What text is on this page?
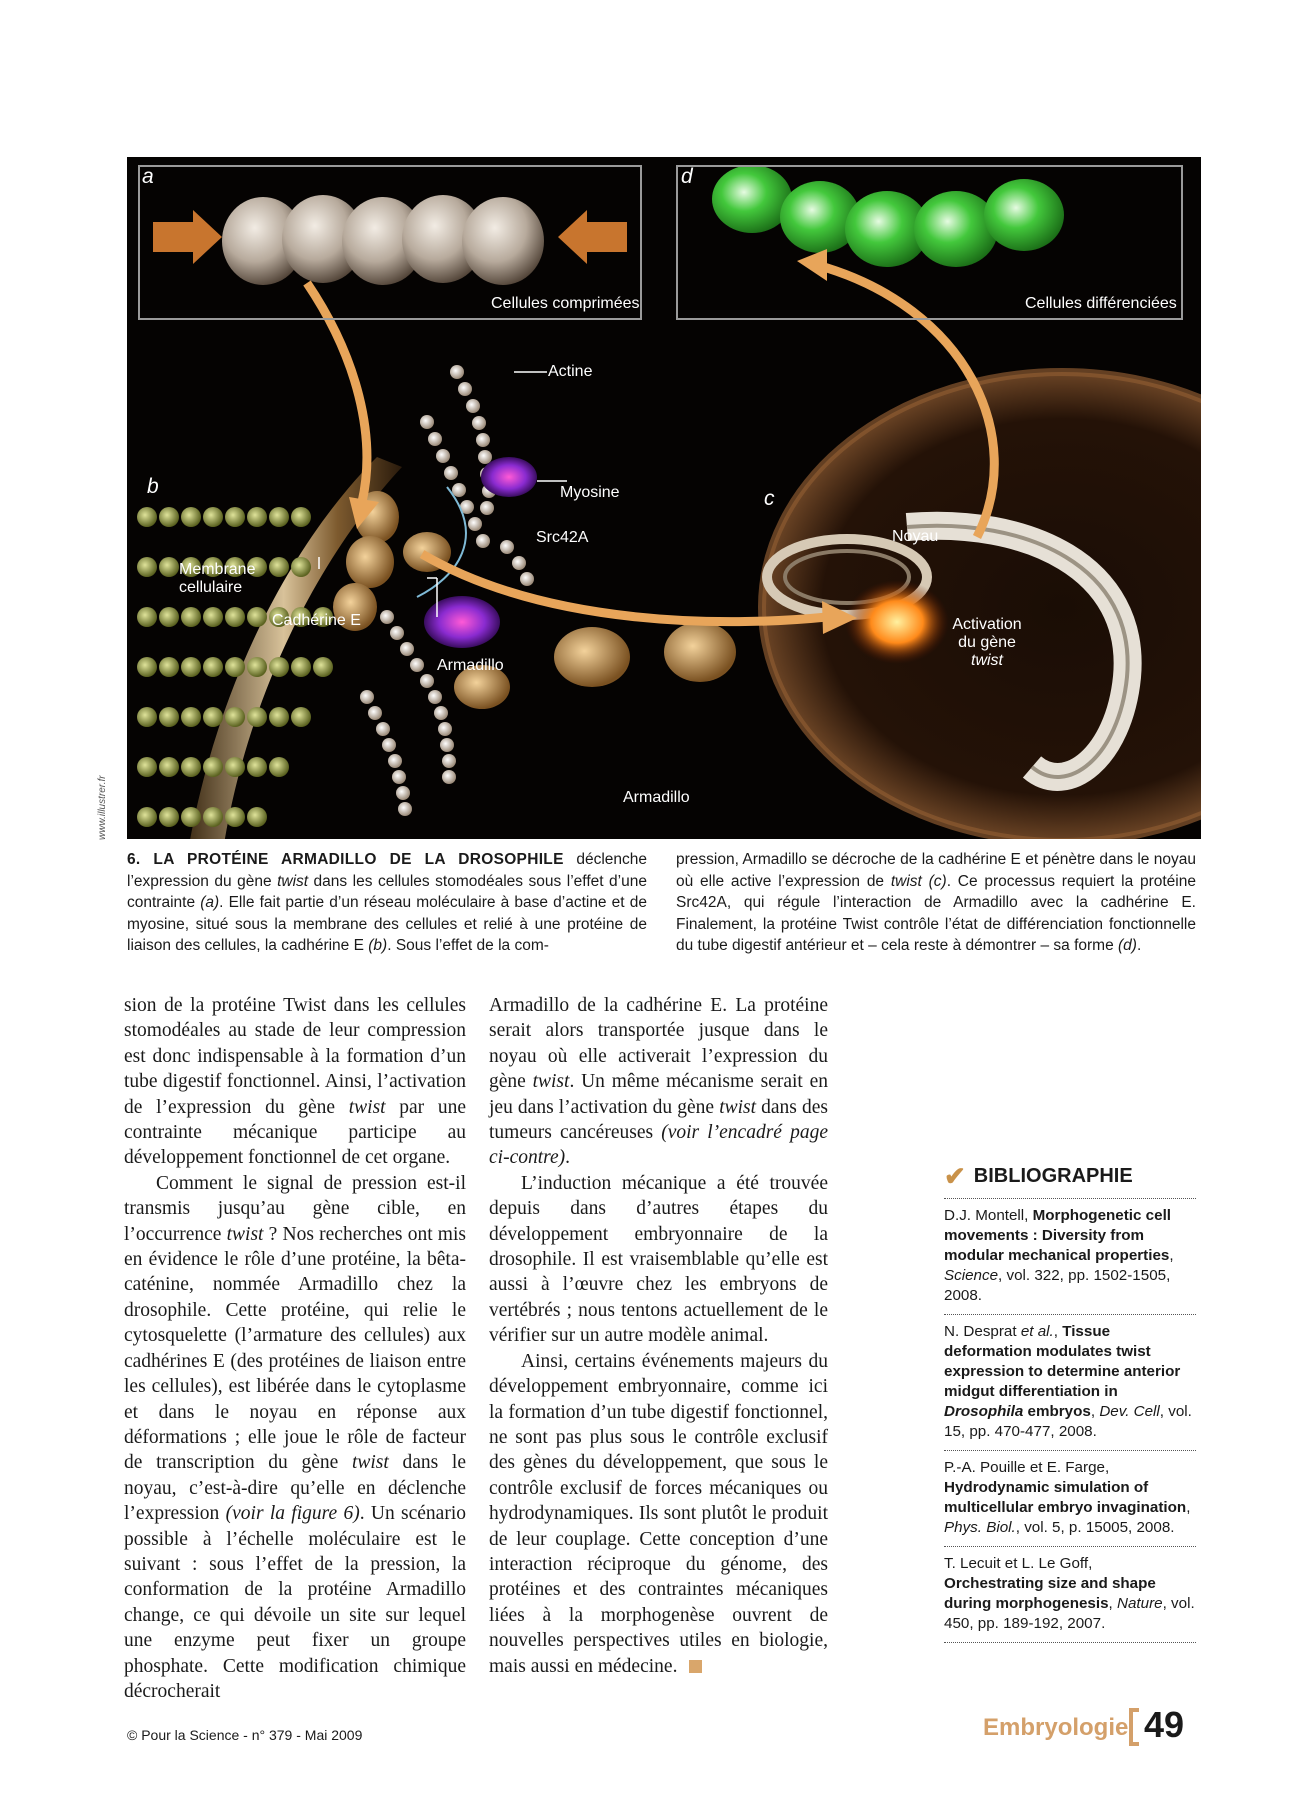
a	d
b
c
Cellules comprimées	Cellules différenciées
Actine
Myosine
Src42A
Membrane
cellulaire
Cadhérine E
Armadillo
Armadillo
Noyau
Activation
du gène
twist
www.illustrer.fr
6. LA PROTÉINE ARMADILLO DE LA DROSOPHILE déclenche l’expression du gène twist dans les cellules stomodéales sous l’effet d’une contrainte (a). Elle fait partie d’un réseau moléculaire à base d’actine et de myosine, situé sous la membrane des cellules et relié à une protéine de liaison des cellules, la cadhérine E (b). Sous l’effet de la com-
pression, Armadillo se décroche de la cadhérine E et pénètre dans le noyau où elle active l’expression de twist (c). Ce processus requiert la protéine Src42A, qui régule l’interaction de Armadillo avec la cadhérine E. Finalement, la protéine Twist contrôle l’état de différenciation fonctionnelle du tube digestif antérieur et – cela reste à démontrer – sa forme (d).

sion de la protéine Twist dans les cellules stomodéales au stade de leur compression est donc indispensable à la formation d’un tube digestif fonctionnel. Ainsi, l’activation de l’expression du gène twist par une contrainte mécanique participe au développement fonctionnel de cet organe.

Comment le signal de pression est-il transmis jusqu’au gène cible, en l’occurrence twist ? Nos recherches ont mis en évidence le rôle d’une protéine, la bêta-caténine, nommée Armadillo chez la drosophile. Cette protéine, qui relie le cytosquelette (l’armature des cellules) aux cadhérines E (des protéines de liaison entre les cellules), est libérée dans le cytoplasme et dans le noyau en réponse aux déformations ; elle joue le rôle de facteur de transcription du gène twist dans le noyau, c’est-à-dire qu’elle en déclenche l’expression (voir la figure 6). Un scénario possible à l’échelle moléculaire est le suivant : sous l’effet de la pression, la conformation de la protéine Armadillo change, ce qui dévoile un site sur lequel une enzyme peut fixer un groupe phosphate. Cette modification chimique décrocherait

Armadillo de la cadhérine E. La protéine serait alors transportée jusque dans le noyau où elle activerait l’expression du gène twist. Un même mécanisme serait en jeu dans l’activation du gène twist dans des tumeurs cancéreuses (voir l’encadré page ci-contre).

L’induction mécanique a été trouvée depuis dans d’autres étapes du développement embryonnaire de la drosophile. Il est vraisemblable qu’elle est aussi à l’œuvre chez les embryons de vertébrés ; nous tentons actuellement de le vérifier sur un autre modèle animal.

Ainsi, certains événements majeurs du développement embryonnaire, comme ici la formation d’un tube digestif fonctionnel, ne sont pas plus sous le contrôle exclusif des gènes du développement, que sous le contrôle exclusif de forces mécaniques ou hydrodynamiques. Ils sont plutôt le produit de leur couplage. Cette conception d’une interaction réciproque du génome, des protéines et des contraintes mécaniques liées à la morphogenèse ouvrent de nouvelles perspectives utiles en biologie, mais aussi en médecine.

✔ BIBLIOGRAPHIE
D.J. Montell, Morphogenetic cell movements : Diversity from modular mechanical properties, Science, vol. 322, pp. 1502-1505, 2008.
N. Desprat et al., Tissue deformation modulates twist expression to determine anterior midgut differentiation in Drosophila embryos, Dev. Cell, vol. 15, pp. 470-477, 2008.
P.-A. Pouille et E. Farge, Hydrodynamic simulation of multicellular embryo invagination, Phys. Biol., vol. 5, p. 15005, 2008.
T. Lecuit et L. Le Goff, Orchestrating size and shape during morphogenesis, Nature, vol. 450, pp. 189-192, 2007.
© Pour la Science - n° 379 - Mai 2009	Embryologie 49
